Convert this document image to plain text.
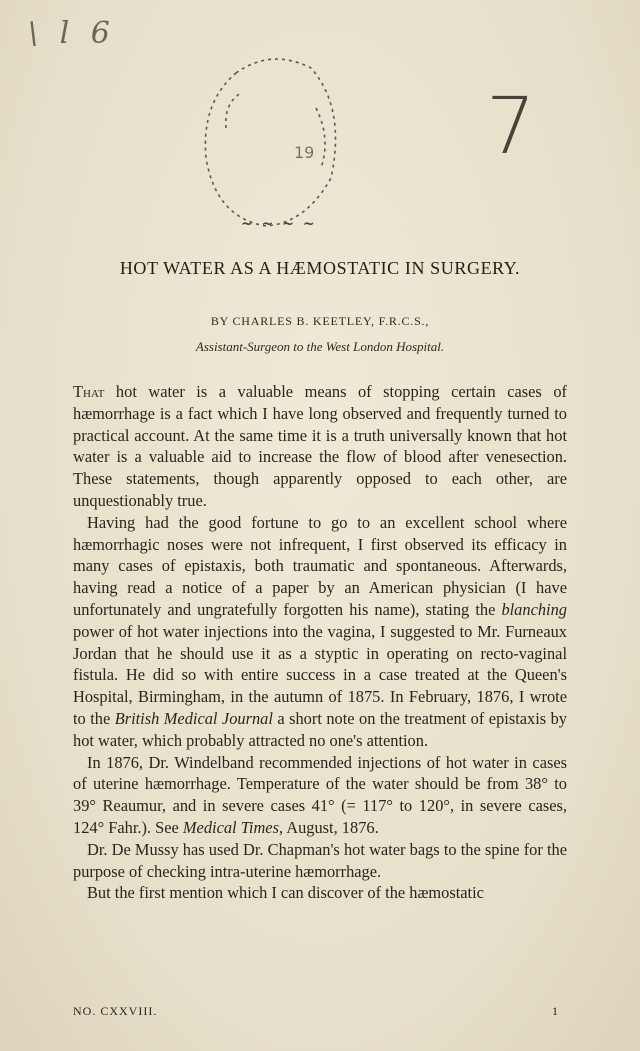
\ l 6
19
~ ~ ~ ~
7
HOT WATER AS A HÆMOSTATIC IN SURGERY.
BY CHARLES B. KEETLEY, F.R.C.S.,
Assistant-Surgeon to the West London Hospital.

That hot water is a valuable means of stopping certain cases of hæmorrhage is a fact which I have long observed and frequently turned to practical account. At the same time it is a truth universally known that hot water is a valuable aid to increase the flow of blood after venesection. These statements, though apparently opposed to each other, are unquestionably true.

Having had the good fortune to go to an excellent school where hæmorrhagic noses were not infrequent, I first observed its efficacy in many cases of epistaxis, both traumatic and spontaneous. Afterwards, having read a notice of a paper by an American physician (I have unfortunately and ungratefully forgotten his name), stating the blanching power of hot water injections into the vagina, I suggested to Mr. Furneaux Jordan that he should use it as a styptic in operating on recto-vaginal fistula. He did so with entire success in a case treated at the Queen's Hospital, Birmingham, in the autumn of 1875. In February, 1876, I wrote to the British Medical Journal a short note on the treatment of epistaxis by hot water, which probably attracted no one's attention.

In 1876, Dr. Windelband recommended injections of hot water in cases of uterine hæmorrhage. Temperature of the water should be from 38° to 39° Reaumur, and in severe cases 41° (= 117° to 120°, in severe cases, 124° Fahr.). See Medical Times, August, 1876.

Dr. De Mussy has used Dr. Chapman's hot water bags to the spine for the purpose of checking intra-uterine hæmorrhage.

But the first mention which I can discover of the hæmostatic

NO. CXXVIII.	1
